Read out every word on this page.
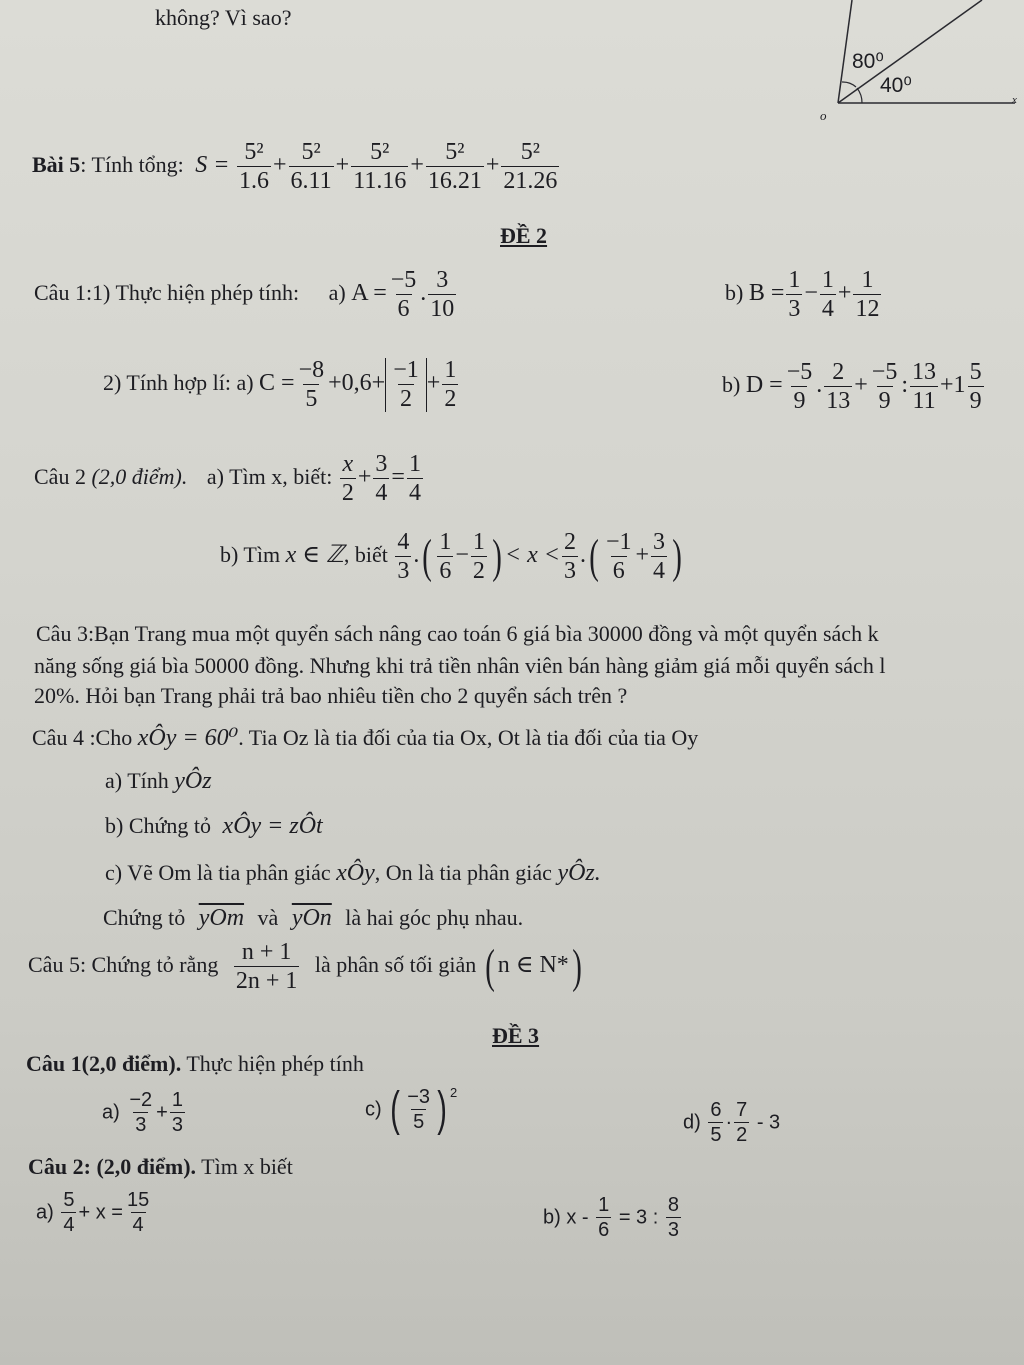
không? Vì sao?
80⁰
40⁰
o
x
Bài 5: Tính tổng: $S = \frac{\text{5²}}{1.6} + \frac{\text{5²}}{6.11} + \frac{\text{5²}}{11.16} + \frac{\text{5²}}{16.21} + \frac{\text{5²}}{21.26}$
ĐỀ 2
Câu 1:1) Thực hiện phép tính: a) $A = \frac{-5}{6}$ . $\frac{3}{10}$	b) $B = \frac{1}{3} - \frac{1}{4} + \frac{1}{12}$
2) Tính hợp lí: a) $C = \frac{-8}{5} +0,6+ \frac{-1}{2} + \frac{1}{2}$	b) $D = \frac{-5}{9}$ . $\frac{2}{13} + \frac{-5}{9}$ : $\frac{13}{11} +1 \frac{5}{9}$
Câu 2 (2,0 điểm). a) Tìm x, biết: $\frac{x}{2} + \frac{3}{4} = \frac{1}{4}$
b) Tìm x ∈ ℤ, biết $\frac{4}{3}$ .( $\frac{1}{6} - \frac{1}{2}$ ) < $x < \frac{2}{3}$ .( $\frac{-1}{6} + \frac{3}{4}$ )
Câu 3:Bạn Trang mua một quyển sách nâng cao toán 6 giá bìa 30000 đồng và một quyển sách k
năng sống giá bìa 50000 đồng. Nhưng khi trả tiền nhân viên bán hàng giảm giá mỗi quyển sách l
20%. Hỏi bạn Trang phải trả bao nhiêu tiền cho 2 quyển sách trên ?
Câu 4 :Cho xÔy = 60⁰. Tia Oz là tia đối của tia Ox, Ot là tia đối của tia Oy
a) Tính yÔz
b) Chứng tỏ xÔy = zÔt
c) Vẽ Om là tia phân giác xÔy, On là tia phân giác yÔz.
Chứng tỏ $\overline{yOm}$ và $\overline{yOn}$ là hai góc phụ nhau.
Câu 5: Chứng tỏ rằng $\frac{n + 1}{2n + 1}$ là phân số tối giản ( n ∈ N*)
ĐỀ 3
Câu 1(2,0 điểm). Thực hiện phép tính
$a) \frac{-2}{3} + \frac{1}{3}$	c) ( $\frac{-3}{5}$ ) $^2$
$d) \frac{6}{5} \cdot \frac{7}{2} - 3$
Câu 2: (2,0 điểm). Tìm x biết
$a) \frac{5}{4} + x = \frac{15}{4}$	b) $x - \frac{1}{6} = 3$ : $\frac{8}{3}$
